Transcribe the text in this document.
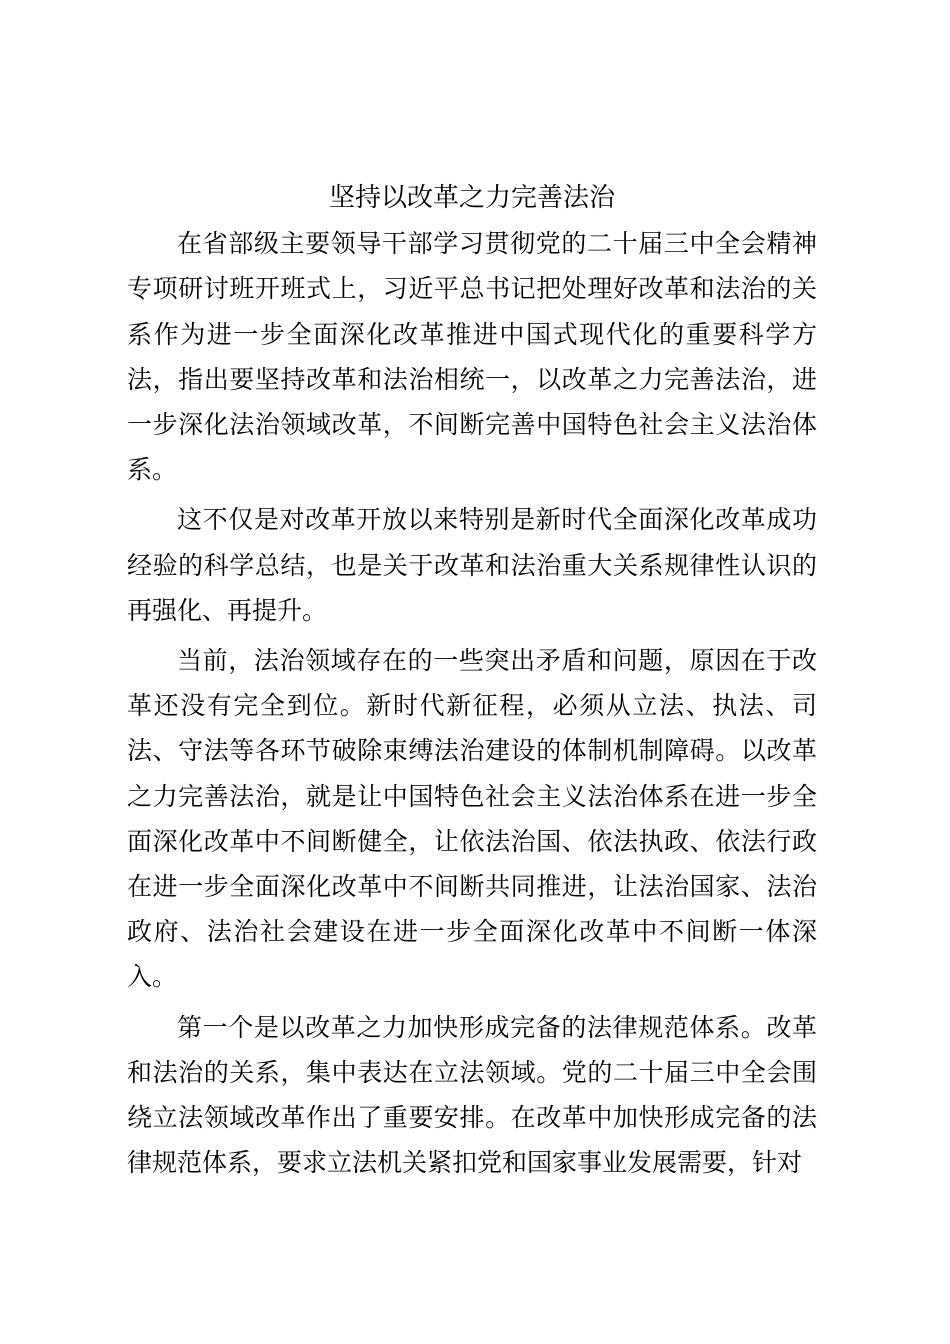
坚持以改革之力完善法治

在省部级主要领导干部学习贯彻党的二十届三中全会精神专项研讨班开班式上，习近平总书记把处理好改革和法治的关系作为进一步全面深化改革推进中国式现代化的重要科学方法，指出要坚持改革和法治相统一，以改革之力完善法治，进一步深化法治领域改革，不间断完善中国特色社会主义法治体系。

这不仅是对改革开放以来特别是新时代全面深化改革成功经验的科学总结，也是关于改革和法治重大关系规律性认识的再强化、再提升。

当前，法治领域存在的一些突出矛盾和问题，原因在于改革还没有完全到位。新时代新征程，必须从立法、执法、司法、守法等各环节破除束缚法治建设的体制机制障碍。以改革之力完善法治，就是让中国特色社会主义法治体系在进一步全面深化改革中不间断健全，让依法治国、依法执政、依法行政在进一步全面深化改革中不间断共同推进，让法治国家、法治政府、法治社会建设在进一步全面深化改革中不间断一体深入。

第一个是以改革之力加快形成完备的法律规范体系。改革和法治的关系，集中表达在立法领域。党的二十届三中全会围绕立法领域改革作出了重要安排。在改革中加快形成完备的法律规范体系，要求立法机关紧扣党和国家事业发展需要，针对
